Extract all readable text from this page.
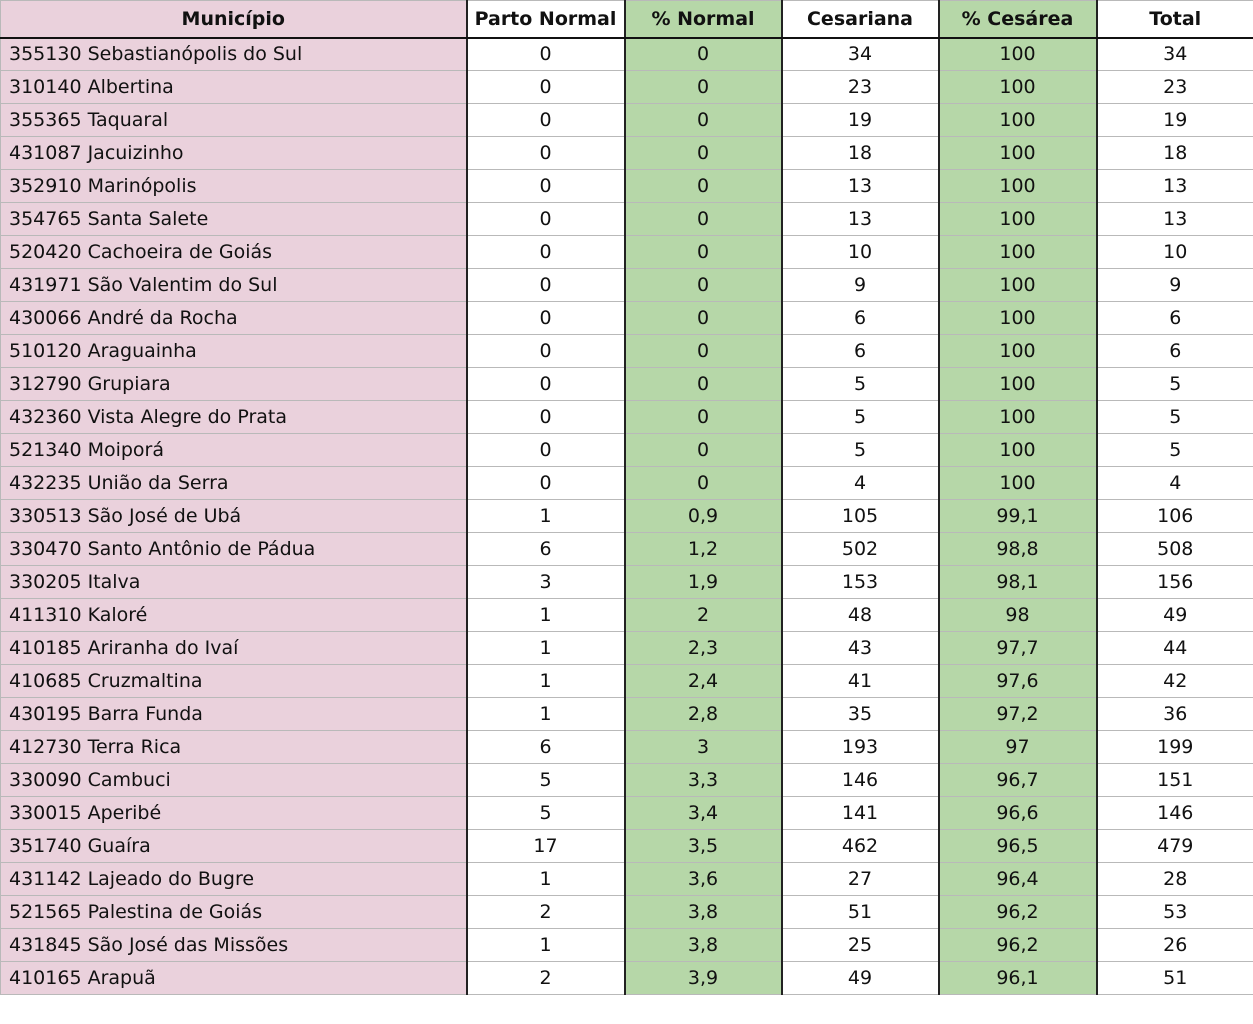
Município	Parto Normal	% Normal	Cesariana	% Cesárea	Total
355130 Sebastianópolis do Sul	0	0	34	100	34
310140 Albertina	0	0	23	100	23
355365 Taquaral	0	0	19	100	19
431087 Jacuizinho	0	0	18	100	18
352910 Marinópolis	0	0	13	100	13
354765 Santa Salete	0	0	13	100	13
520420 Cachoeira de Goiás	0	0	10	100	10
431971 São Valentim do Sul	0	0	9	100	9
430066 André da Rocha	0	0	6	100	6
510120 Araguainha	0	0	6	100	6
312790 Grupiara	0	0	5	100	5
432360 Vista Alegre do Prata	0	0	5	100	5
521340 Moiporá	0	0	5	100	5
432235 União da Serra	0	0	4	100	4
330513 São José de Ubá	1	0,9	105	99,1	106
330470 Santo Antônio de Pádua	6	1,2	502	98,8	508
330205 Italva	3	1,9	153	98,1	156
411310 Kaloré	1	2	48	98	49
410185 Ariranha do Ivaí	1	2,3	43	97,7	44
410685 Cruzmaltina	1	2,4	41	97,6	42
430195 Barra Funda	1	2,8	35	97,2	36
412730 Terra Rica	6	3	193	97	199
330090 Cambuci	5	3,3	146	96,7	151
330015 Aperibé	5	3,4	141	96,6	146
351740 Guaíra	17	3,5	462	96,5	479
431142 Lajeado do Bugre	1	3,6	27	96,4	28
521565 Palestina de Goiás	2	3,8	51	96,2	53
431845 São José das Missões	1	3,8	25	96,2	26
410165 Arapuã	2	3,9	49	96,1	51
